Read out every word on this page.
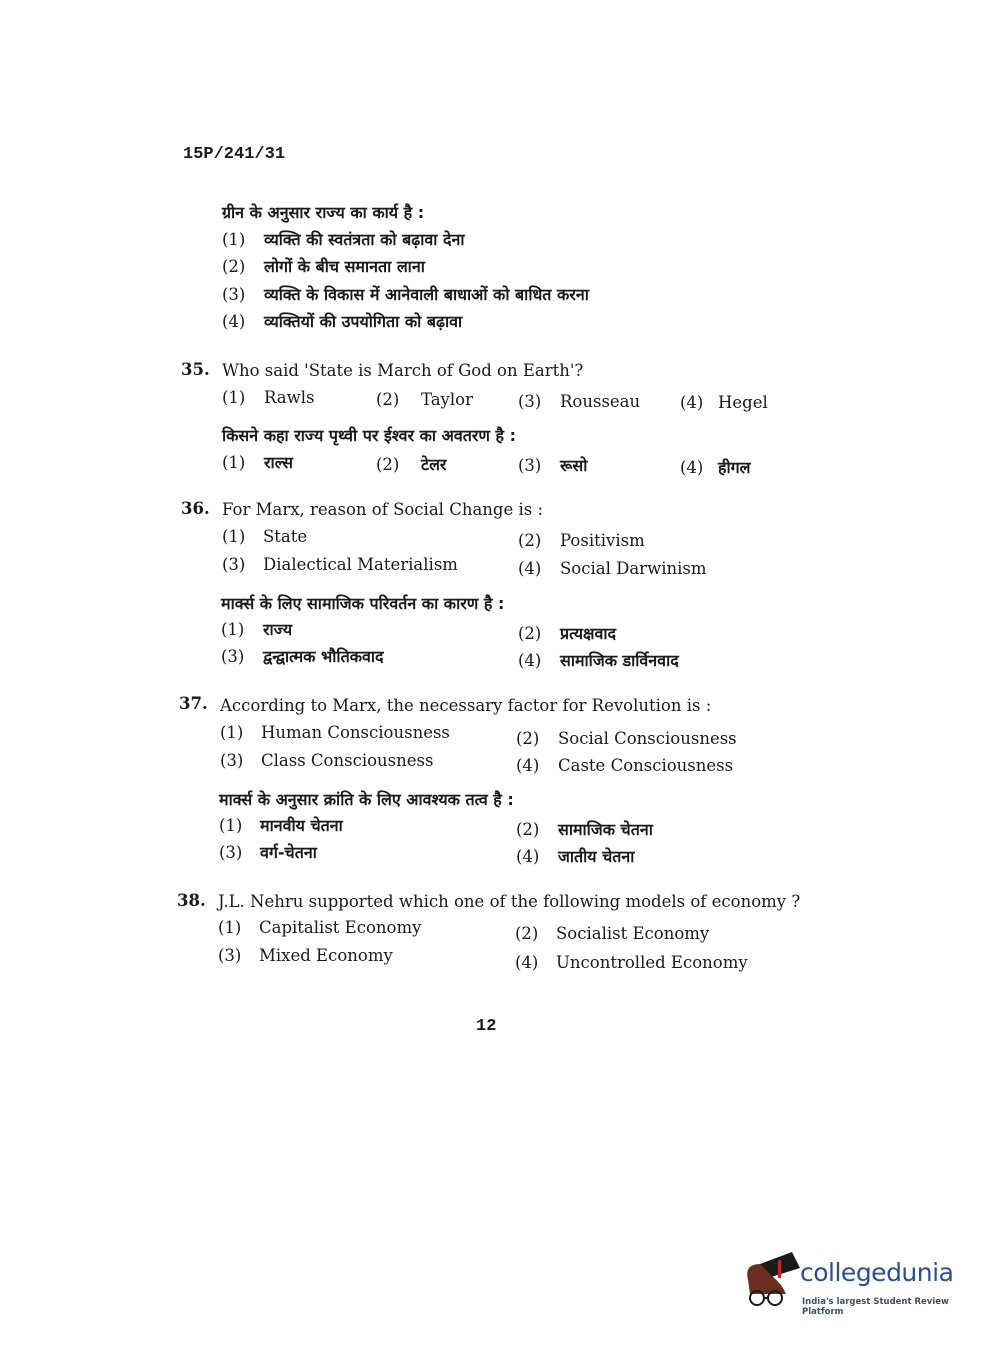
15P/241/31
ग्रीन के अनुसार राज्य का कार्य है :
(1) व्यक्ति की स्वतंत्रता को बढ़ावा देना
(2) लोगों के बीच समानता लाना
(3) व्यक्ति के विकास में आनेवाली बाधाओं को बाधित करना
(4) व्यक्तियों की उपयोगिता को बढ़ावा
35. Who said 'State is March of God on Earth'?
(1) Rawls	(2) Taylor	(3) Rousseau (4) Hegel
किसने कहा राज्य पृथ्वी पर ईश्वर का अवतरण है :
(1) राल्स	(2) टेलर	(3) रूसो	(4) हीगल
36. For Marx, reason of Social Change is :
(1) State	(2) Positivism
(3) Dialectical Materialism	(4) Social Darwinism
मार्क्स के लिए सामाजिक परिवर्तन का कारण है :
(1) राज्य	(2) प्रत्यक्षवाद
(3) द्वन्द्वात्मक भौतिकवाद	(4) सामाजिक डार्विनवाद
37. According to Marx, the necessary factor for Revolution is :
(1) Human Consciousness	(2) Social Consciousness
(3) Class Consciousness	(4) Caste Consciousness
मार्क्स के अनुसार क्रांति के लिए आवश्यक तत्व है :
(1) मानवीय चेतना	(2) सामाजिक चेतना
(3) वर्ग-चेतना	(4) जातीय चेतना
38. J.L. Nehru supported which one of the following models of economy ?
(1) Capitalist Economy	(2) Socialist Economy
(3) Mixed Economy	(4) Uncontrolled Economy
12
collegedunia
India's largest Student Review Platform
